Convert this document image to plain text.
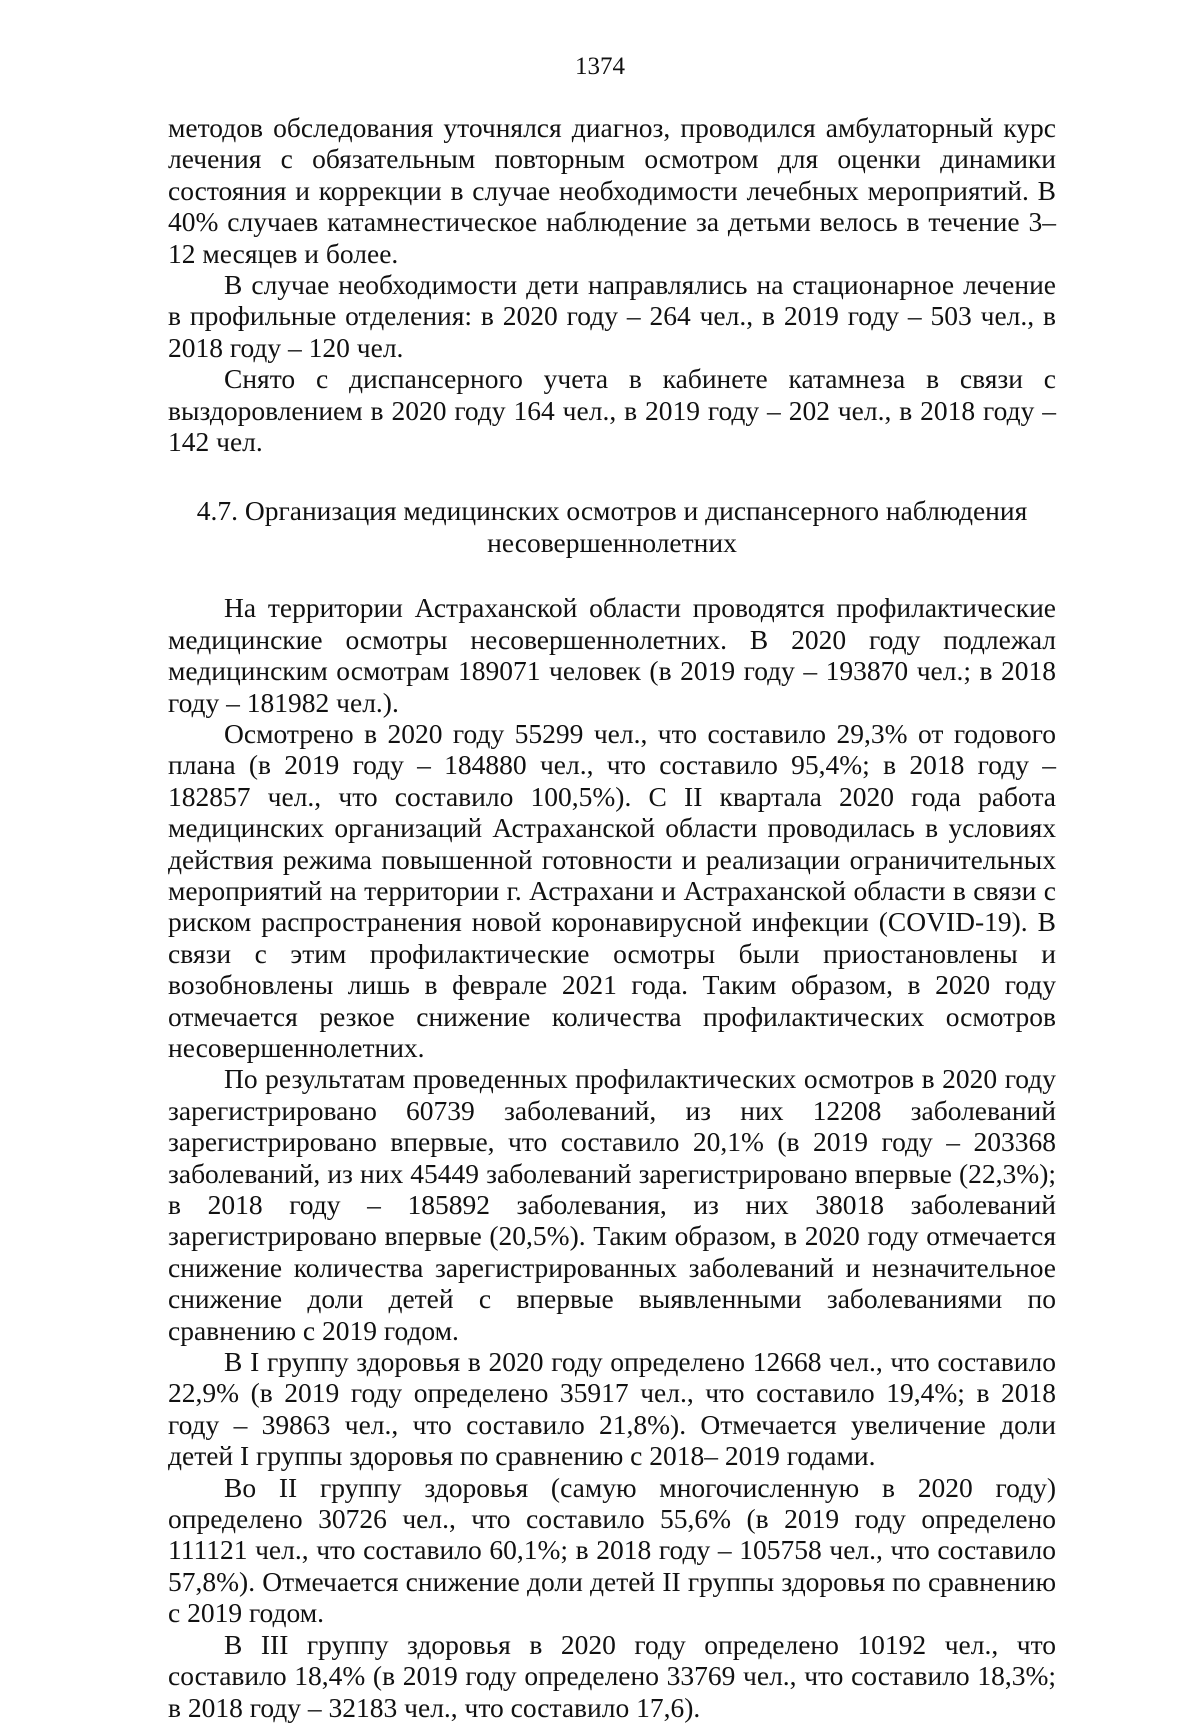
1374

методов обследования уточнялся диагноз, проводился амбулаторный курс лечения с обязательным повторным осмотром для оценки динамики состояния и коррекции в случае необходимости лечебных мероприятий. В 40% случаев катамнестическое наблюдение за детьми велось в течение 3–12 месяцев и более.

В случае необходимости дети направлялись на стационарное лечение в профильные отделения: в 2020 году – 264 чел., в 2019 году – 503 чел., в 2018 году – 120 чел.

Снято с диспансерного учета в кабинете катамнеза в связи с выздоровлением в 2020 году 164 чел., в 2019 году – 202 чел., в 2018 году – 142 чел.

4.7. Организация медицинских осмотров и диспансерного наблюдения
несовершеннолетних

На территории Астраханской области проводятся профилактические медицинские осмотры несовершеннолетних. В 2020 году подлежал медицинским осмотрам 189071 человек (в 2019 году – 193870 чел.; в 2018 году – 181982 чел.).

Осмотрено в 2020 году 55299 чел., что составило 29,3% от годового плана (в 2019 году – 184880 чел., что составило 95,4%; в 2018 году – 182857 чел., что составило 100,5%). С II квартала 2020 года работа медицинских организаций Астраханской области проводилась в условиях действия режима повышенной готовности и реализации ограничительных мероприятий на территории г. Астрахани и Астраханской области в связи с риском распространения новой коронавирусной инфекции (COVID-19). В связи с этим профилактические осмотры были приостановлены и возобновлены лишь в феврале 2021 года. Таким образом, в 2020 году отмечается резкое снижение количества профилактических осмотров несовершеннолетних.

По результатам проведенных профилактических осмотров в 2020 году зарегистрировано 60739 заболеваний, из них 12208 заболеваний зарегистрировано впервые, что составило 20,1% (в 2019 году – 203368 заболеваний, из них 45449 заболеваний зарегистрировано впервые (22,3%); в 2018 году – 185892 заболевания, из них 38018 заболеваний зарегистрировано впервые (20,5%). Таким образом, в 2020 году отмечается снижение количества зарегистрированных заболеваний и незначительное снижение доли детей с впервые выявленными заболеваниями по сравнению с 2019 годом.

В I группу здоровья в 2020 году определено 12668 чел., что составило 22,9% (в 2019 году определено 35917 чел., что составило 19,4%; в 2018 году – 39863 чел., что составило 21,8%). Отмечается увеличение доли детей I группы здоровья по сравнению с 2018– 2019 годами.

Во II группу здоровья (самую многочисленную в 2020 году) определено 30726 чел., что составило 55,6% (в 2019 году определено 111121 чел., что составило 60,1%; в 2018 году – 105758 чел., что составило 57,8%). Отмечается снижение доли детей II группы здоровья по сравнению с 2019 годом.

В III группу здоровья в 2020 году определено 10192 чел., что составило 18,4% (в 2019 году определено 33769 чел., что составило 18,3%; в 2018 году – 32183 чел., что составило 17,6).
